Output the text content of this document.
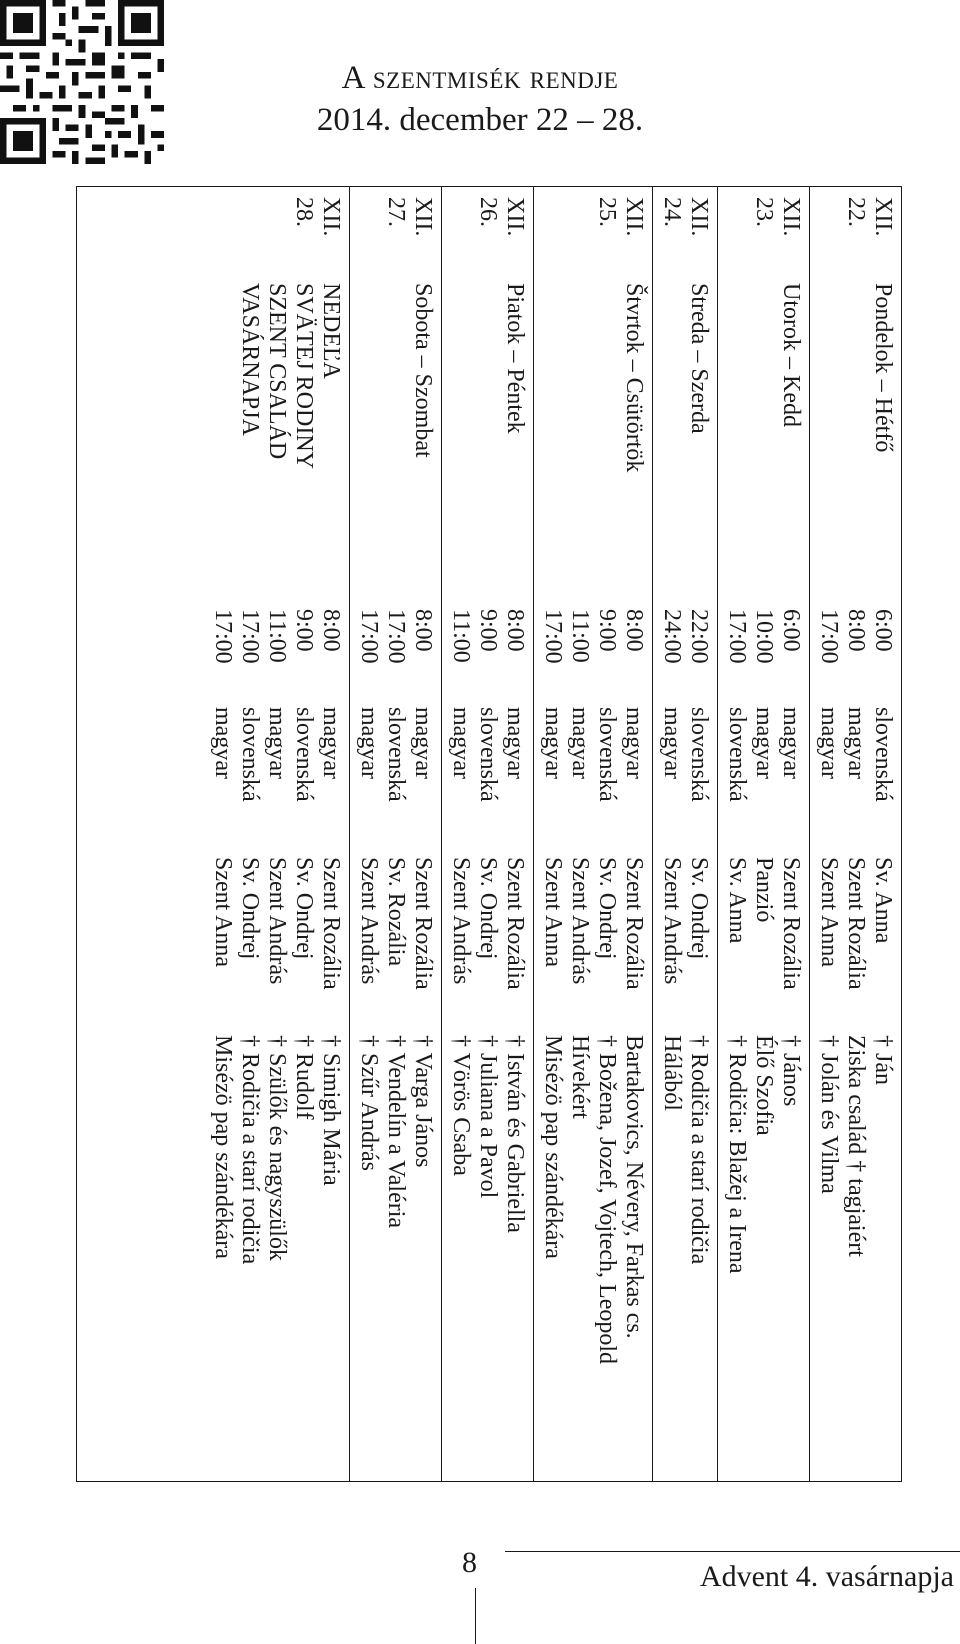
A szentmisék rendje
2014. december 22 – 28.
XII.
22.
Pondelok – Hétfő
6:00
8:00
17:00
slovenská
magyar
magyar
Sv. Anna
Szent Rozália
Szent Anna
† Ján
Ziska család † tagjaiért
† Jolán és Vilma
XII.
23.
Utorok – Kedd
6:00
10:00
17:00
magyar
magyar
slovenská
Szent Rozália
Panzió
Sv. Anna
† János
Élő Szofia
† Rodičia: Blažej a Irena
XII.
24.
Streda – Szerda
22:00
24:00
slovenská
magyar
Sv. Ondrej
Szent András
† Rodičia a starí rodičia
Hálából
XII.
25.
Štvrtok – Csütörtök
8:00
9:00
11:00
17:00
magyar
slovenská
magyar
magyar
Szent Rozália
Sv. Ondrej
Szent András
Szent Anna
Bartakovics, Névery, Farkas cs.
† Božena, Jozef, Vojtech, Leopold
Hívekért
Misézö pap szándékára
XII.
26.
Piatok – Péntek
8:00
9:00
11:00
magyar
slovenská
magyar
Szent Rozália
Sv. Ondrej
Szent András
† István és Gabriella
† Juliana a Pavol
† Vörös Csaba
XII.
27.
Sobota – Szombat
8:00
17:00
17:00
magyar
slovenská
magyar
Szent Rozália
Sv. Rozália
Szent András
† Varga János
† Vendelín a Valéria
† Szűr András
XII.
28.
NEDEĽA
SVÄTEJ RODINY
SZENT CSALÁD
VASÁRNAPJA
8:00
9:00
11:00
17:00
17:00
magyar
slovenská
magyar
slovenská
magyar
Szent Rozália
Sv. Ondrej
Szent András
Sv. Ondrej
Szent Anna
† Simigh Mária
† Rudolf
† Szülők és nagyszülők
† Rodičia a starí rodičia
Misézö pap szándékára
8	Advent 4. vasárnapja
